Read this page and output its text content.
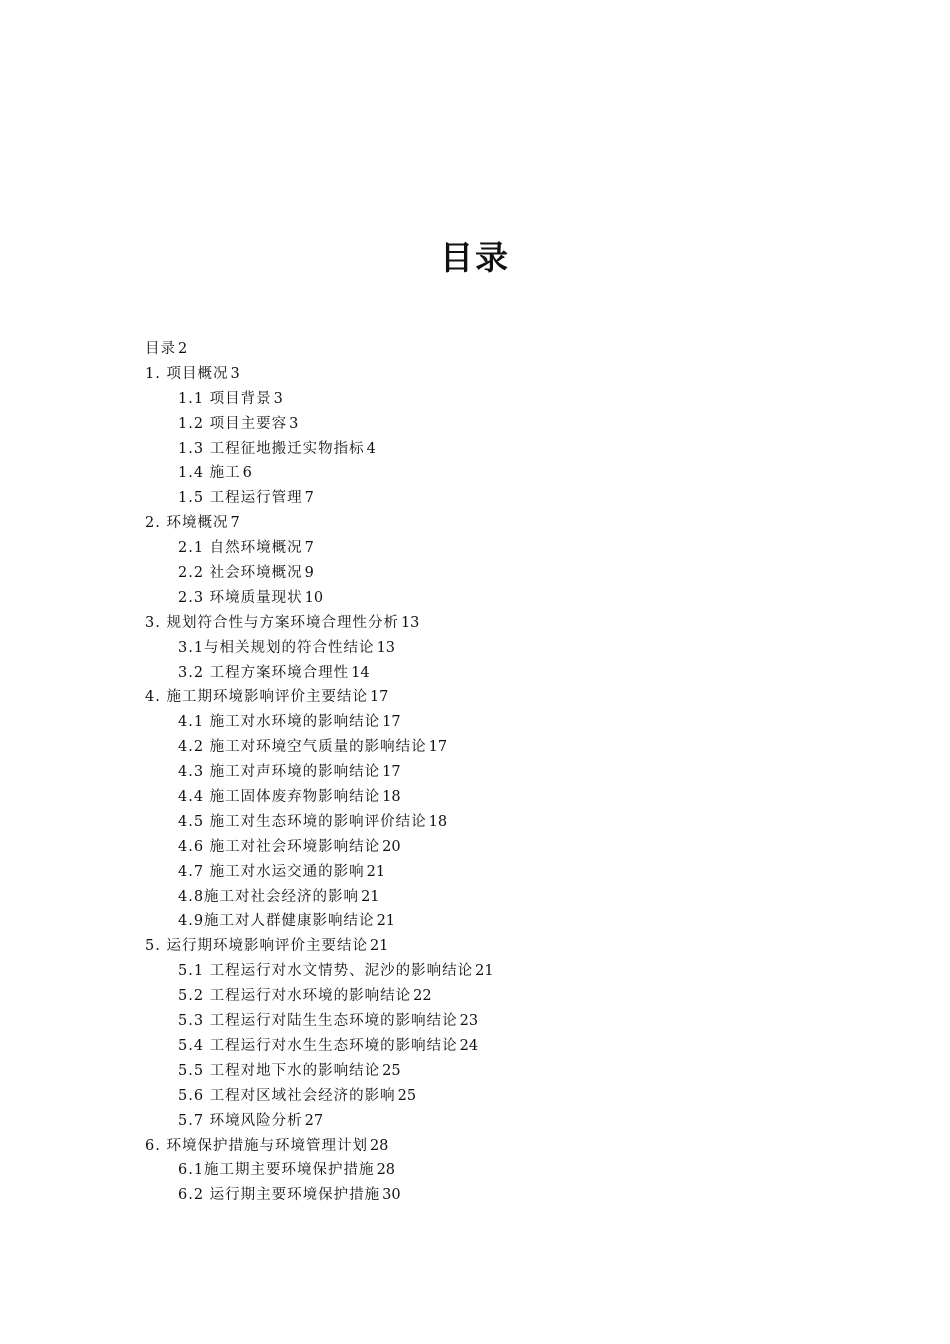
目录
目录 2
1. 项目概况 3
1.1 项目背景 3
1.2 项目主要容 3
1.3 工程征地搬迁实物指标 4
1.4 施工 6
1.5 工程运行管理 7
2. 环境概况 7
2.1 自然环境概况 7
2.2 社会环境概况 9
2.3 环境质量现状 10
3. 规划符合性与方案环境合理性分析 13
3.1与相关规划的符合性结论 13
3.2 工程方案环境合理性 14
4. 施工期环境影响评价主要结论 17
4.1 施工对水环境的影响结论 17
4.2 施工对环境空气质量的影响结论 17
4.3 施工对声环境的影响结论 17
4.4 施工固体废弃物影响结论 18
4.5 施工对生态环境的影响评价结论 18
4.6 施工对社会环境影响结论 20
4.7 施工对水运交通的影响 21
4.8施工对社会经济的影响 21
4.9施工对人群健康影响结论 21
5. 运行期环境影响评价主要结论 21
5.1 工程运行对水文情势、泥沙的影响结论 21
5.2 工程运行对水环境的影响结论 22
5.3 工程运行对陆生生态环境的影响结论 23
5.4 工程运行对水生生态环境的影响结论 24
5.5 工程对地下水的影响结论 25
5.6 工程对区域社会经济的影响 25
5.7 环境风险分析 27
6. 环境保护措施与环境管理计划 28
6.1施工期主要环境保护措施 28
6.2 运行期主要环境保护措施 30
